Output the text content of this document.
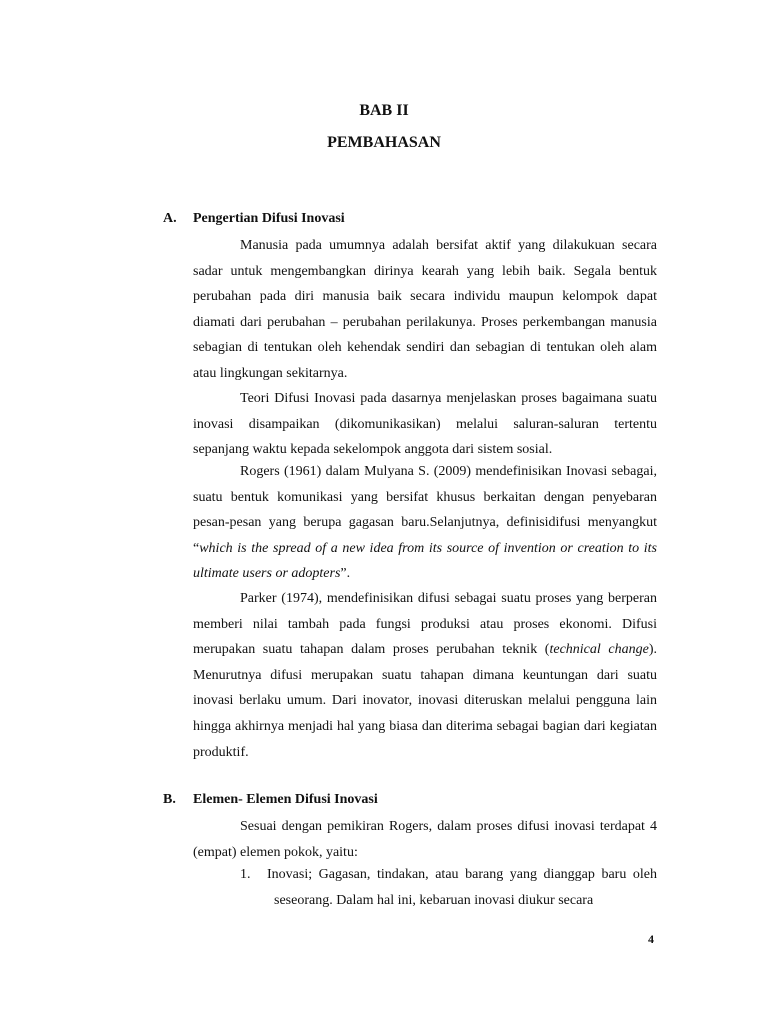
BAB II
PEMBAHASAN
A. Pengertian Difusi Inovasi

Manusia pada umumnya adalah bersifat aktif yang dilakukuan secara sadar untuk mengembangkan dirinya kearah yang lebih baik. Segala bentuk perubahan pada diri manusia baik secara individu maupun kelompok dapat diamati dari perubahan – perubahan perilakunya. Proses perkembangan manusia sebagian di tentukan oleh kehendak sendiri dan sebagian di tentukan oleh alam atau lingkungan sekitarnya.

Teori Difusi Inovasi pada dasarnya menjelaskan proses bagaimana suatu inovasi disampaikan (dikomunikasikan) melalui saluran-saluran tertentu sepanjang waktu kepada sekelompok anggota dari sistem sosial.

Rogers (1961) dalam Mulyana S. (2009) mendefinisikan Inovasi sebagai, suatu bentuk komunikasi yang bersifat khusus berkaitan dengan penyebaran pesan-pesan yang berupa gagasan baru.Selanjutnya, definisidifusi menyangkut “which is the spread of a new idea from its source of invention or creation to its ultimate users or adopters”.

Parker (1974), mendefinisikan difusi sebagai suatu proses yang berperan memberi nilai tambah pada fungsi produksi atau proses ekonomi. Difusi merupakan suatu tahapan dalam proses perubahan teknik (technical change). Menurutnya difusi merupakan suatu tahapan dimana keuntungan dari suatu inovasi berlaku umum. Dari inovator, inovasi diteruskan melalui pengguna lain hingga akhirnya menjadi hal yang biasa dan diterima sebagai bagian dari kegiatan produktif.

B. Elemen- Elemen Difusi Inovasi

Sesuai dengan pemikiran Rogers, dalam proses difusi inovasi terdapat 4 (empat) elemen pokok, yaitu:

1. Inovasi; Gagasan, tindakan, atau barang yang dianggap baru oleh seseorang. Dalam hal ini, kebaruan inovasi diukur secara
4
